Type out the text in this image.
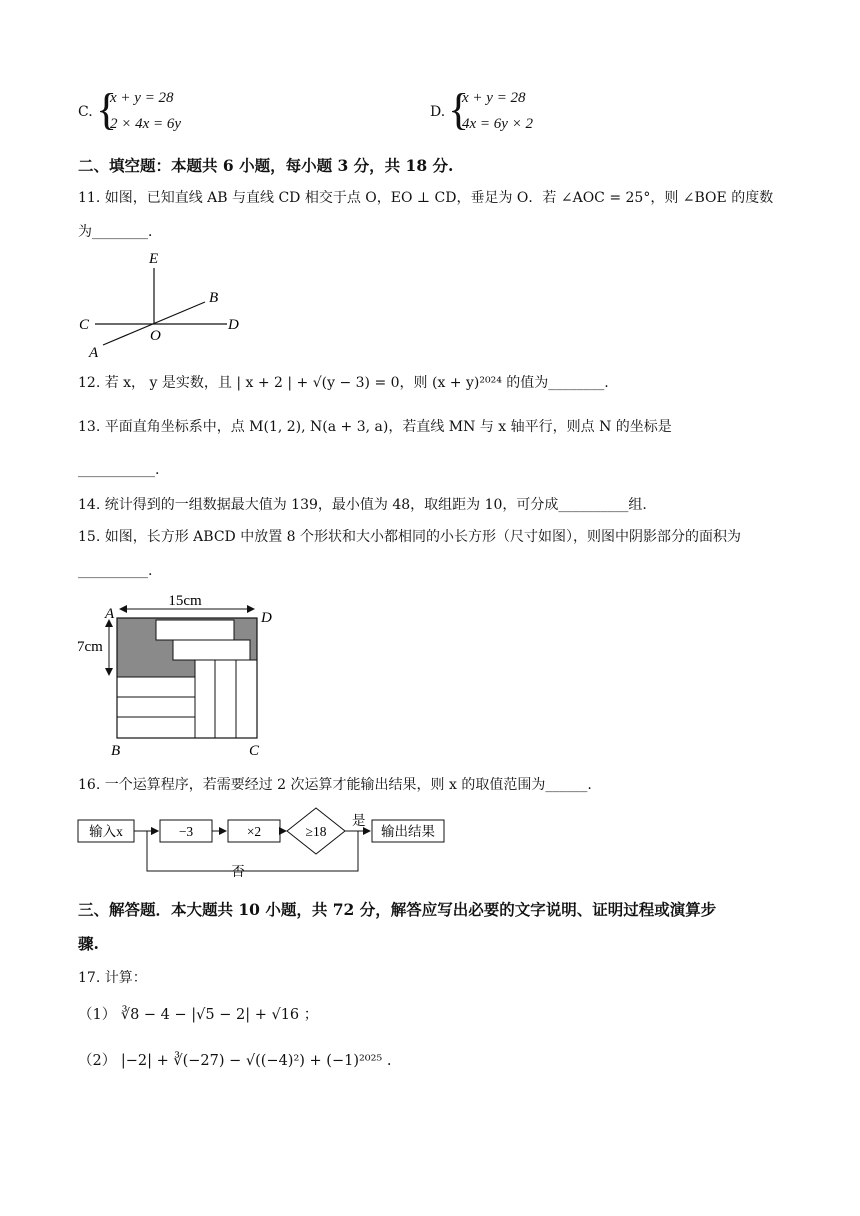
C. {
x + y = 28
2 × 4x = 6y
D. {
x + y = 28
4x = 6y × 2
二、填空题：本题共 6 小题，每小题 3 分，共 18 分.
11. 如图，已知直线 AB 与直线 CD 相交于点 O，EO ⊥ CD，垂足为 O．若 ∠AOC = 25°，则 ∠BOE 的度数
为________．
E
B
C
O
D
A
12. 若 x， y 是实数，且 | x + 2 | + √(y − 3) = 0，则 (x + y)²⁰²⁴ 的值为________.
13. 平面直角坐标系中，点 M(1, 2), N(a + 3, a)，若直线 MN 与 x 轴平行，则点 N 的坐标是
___________.
14. 统计得到的一组数据最大值为 139，最小值为 48，取组距为 10，可分成__________组.
15. 如图，长方形 ABCD 中放置 8 个形状和大小都相同的小长方形（尺寸如图），则图中阴影部分的面积为
__________.
15cm
7cm
A	D
B	C
16. 一个运算程序，若需要经过 2 次运算才能输出结果，则 x 的取值范围为______.
输入x	−3	×2	≥18
是
输出结果
否
三、解答题．本大题共 10 小题，共 72 分，解答应写出必要的文字说明、证明过程或演算步
骤.
17. 计算：
（1） ∛8 − 4 − |√5 − 2| + √16 ；
（2） |−2| + ∛(−27) − √((−4)²) + (−1)²⁰²⁵ .
